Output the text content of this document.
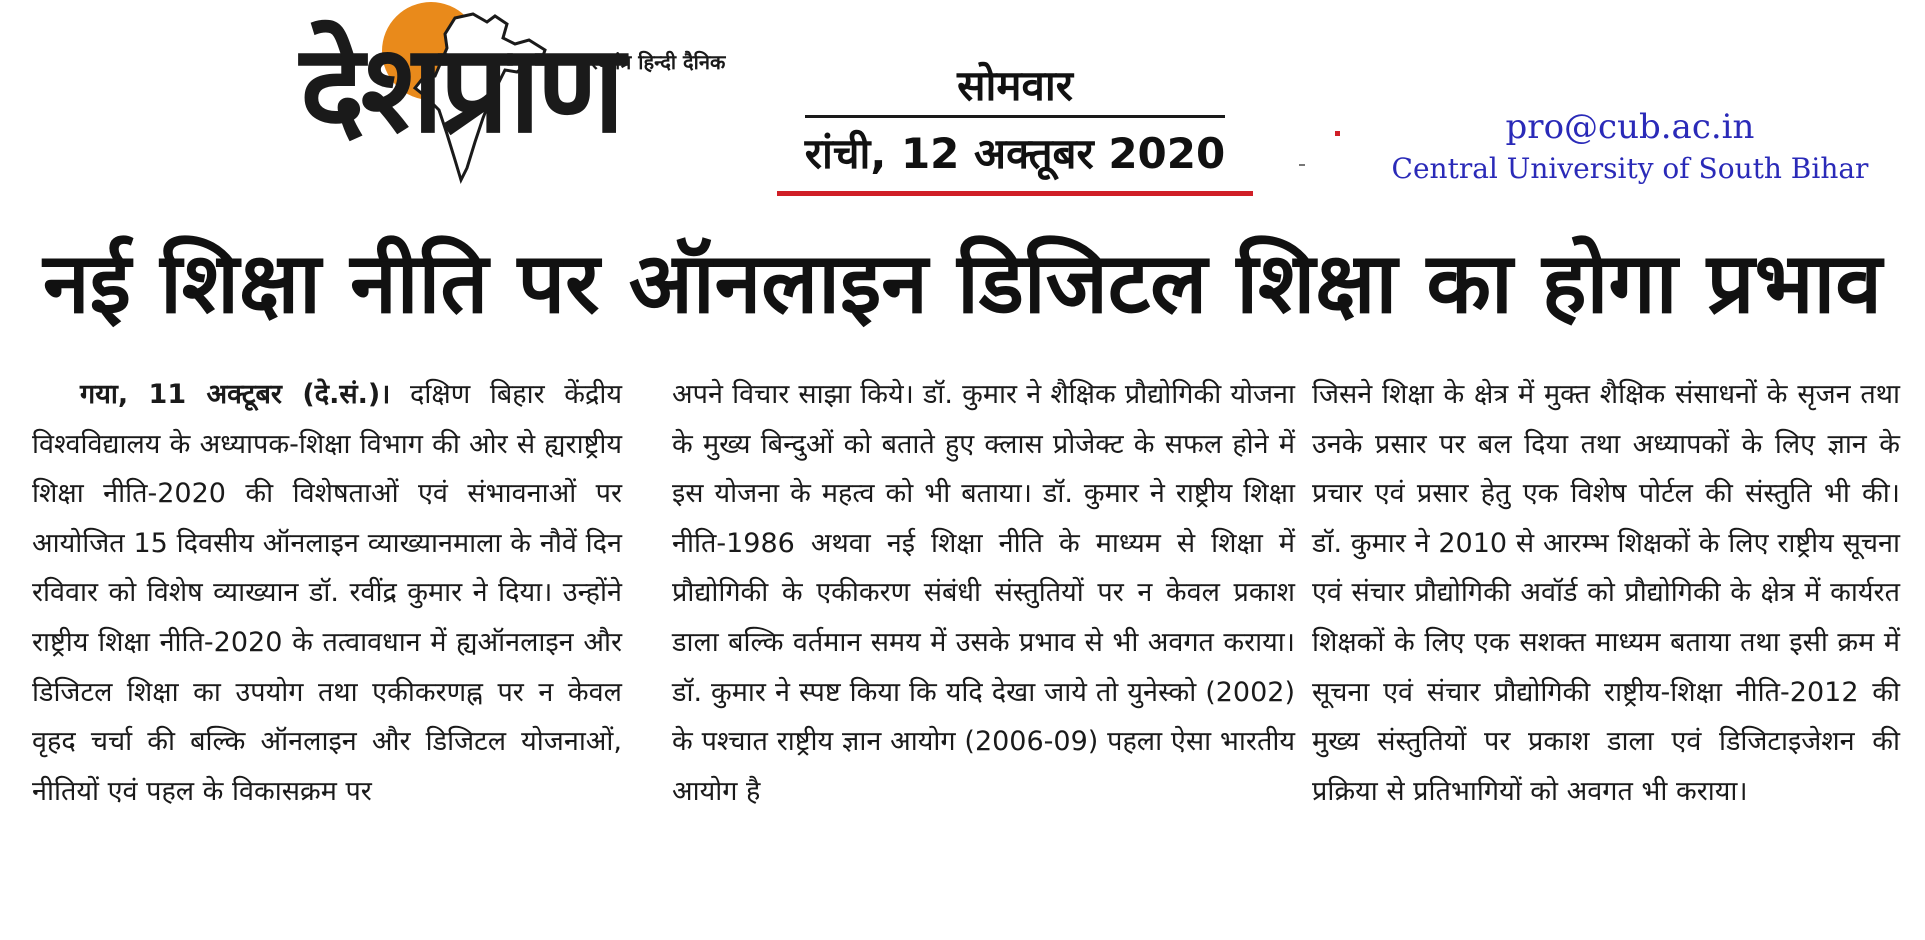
देशप्राण
स्वतंत्र हिन्दी दैनिक	सोमवार
रांची, 12 अक्तूबर 2020
pro@cub.ac.in
Central University of South Bihar
नई शिक्षा नीति पर ऑनलाइन डिजिटल शिक्षा का होगा प्रभाव

गया, 11 अक्टूबर (दे.सं.)। दक्षिण बिहार केंद्रीय विश्वविद्यालय के अध्यापक-शिक्षा विभाग की ओर से ह्यराष्ट्रीय शिक्षा नीति-2020 की विशेषताओं एवं संभावनाओं पर आयोजित 15 दिवसीय ऑनलाइन व्याख्यानमाला के नौवें दिन रविवार को विशेष व्याख्यान डॉ. रवींद्र कुमार ने दिया। उन्होंने राष्ट्रीय शिक्षा नीति-2020 के तत्वावधान में ह्यऑनलाइन और डिजिटल शिक्षा का उपयोग तथा एकीकरणह्न पर न केवल वृहद चर्चा की बल्कि ऑनलाइन और डिजिटल योजनाओं, नीतियों एवं पहल के विकासक्रम पर

अपने विचार साझा किये। डॉ. कुमार ने शैक्षिक प्रौद्योगिकी योजना के मुख्य बिन्दुओं को बताते हुए क्लास प्रोजेक्ट के सफल होने में इस योजना के महत्व को भी बताया। डॉ. कुमार ने राष्ट्रीय शिक्षा नीति-1986 अथवा नई शिक्षा नीति के माध्यम से शिक्षा में प्रौद्योगिकी के एकीकरण संबंधी संस्तुतियों पर न केवल प्रकाश डाला बल्कि वर्तमान समय में उसके प्रभाव से भी अवगत कराया। डॉ. कुमार ने स्पष्ट किया कि यदि देखा जाये तो युनेस्को (2002) के पश्चात राष्ट्रीय ज्ञान आयोग (2006-09) पहला ऐसा भारतीय आयोग है

जिसने शिक्षा के क्षेत्र में मुक्त शैक्षिक संसाधनों के सृजन तथा उनके प्रसार पर बल दिया तथा अध्यापकों के लिए ज्ञान के प्रचार एवं प्रसार हेतु एक विशेष पोर्टल की संस्तुति भी की। डॉ. कुमार ने 2010 से आरम्भ शिक्षकों के लिए राष्ट्रीय सूचना एवं संचार प्रौद्योगिकी अवॉर्ड को प्रौद्योगिकी के क्षेत्र में कार्यरत शिक्षकों के लिए एक सशक्त माध्यम बताया तथा इसी क्रम में सूचना एवं संचार प्रौद्योगिकी राष्ट्रीय-शिक्षा नीति-2012 की मुख्य संस्तुतियों पर प्रकाश डाला एवं डिजिटाइजेशन की प्रक्रिया से प्रतिभागियों को अवगत भी कराया।
